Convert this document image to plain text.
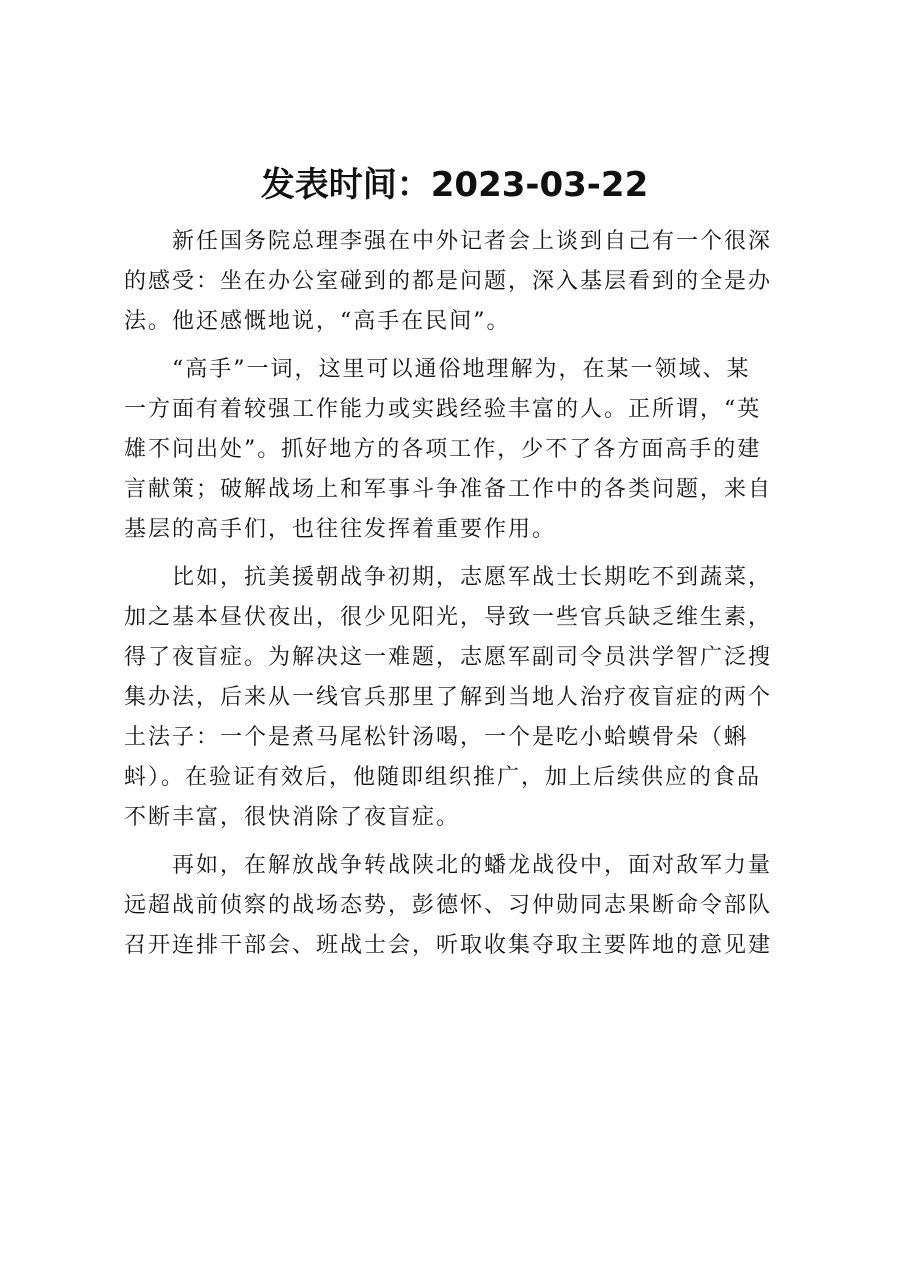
发表时间：2023-03-22

　　新任国务院总理李强在中外记者会上谈到自己有一个很深
的感受：坐在办公室碰到的都是问题，深入基层看到的全是办
法。他还感慨地说，“高手在民间”。

　　“高手”一词，这里可以通俗地理解为，在某一领域、某
一方面有着较强工作能力或实践经验丰富的人。正所谓，“英
雄不问出处”。抓好地方的各项工作，少不了各方面高手的建
言献策；破解战场上和军事斗争准备工作中的各类问题，来自
基层的高手们，也往往发挥着重要作用。

　　比如，抗美援朝战争初期，志愿军战士长期吃不到蔬菜，
加之基本昼伏夜出，很少见阳光，导致一些官兵缺乏维生素，
得了夜盲症。为解决这一难题，志愿军副司令员洪学智广泛搜
集办法，后来从一线官兵那里了解到当地人治疗夜盲症的两个
土法子：一个是煮马尾松针汤喝，一个是吃小蛤蟆骨朵（蝌
蚪）。在验证有效后，他随即组织推广，加上后续供应的食品
不断丰富，很快消除了夜盲症。

　　再如，在解放战争转战陕北的蟠龙战役中，面对敌军力量
远超战前侦察的战场态势，彭德怀、习仲勋同志果断命令部队
召开连排干部会、班战士会，听取收集夺取主要阵地的意见建
